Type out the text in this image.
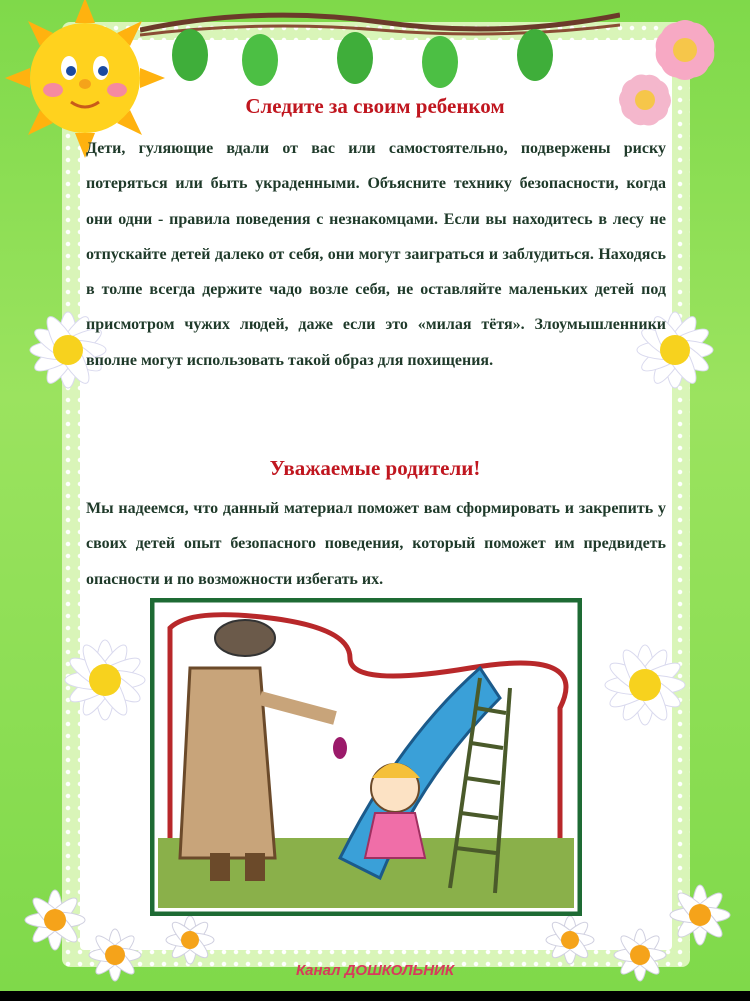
Следите за своим ребенком
Дети, гуляющие вдали от вас или самостоятельно, подвержены риску потеряться или быть украденными. Объясните технику безопасности, когда они одни - правила поведения с незнакомцами. Если вы находитесь в лесу не отпускайте детей далеко от себя, они могут заиграться и заблудиться. Находясь в толпе всегда держите чадо возле себя, не оставляйте маленьких детей под присмотром чужих людей, даже если это «милая тётя». Злоумышленники вполне могут использовать такой образ для похищения.
Уважаемые родители!
Мы надеемся, что данный материал поможет вам сформировать и закрепить у своих детей опыт безопасного поведения, который поможет им предвидеть опасности и по возможности избегать их.
Канал ДОШКОЛЬНИК
